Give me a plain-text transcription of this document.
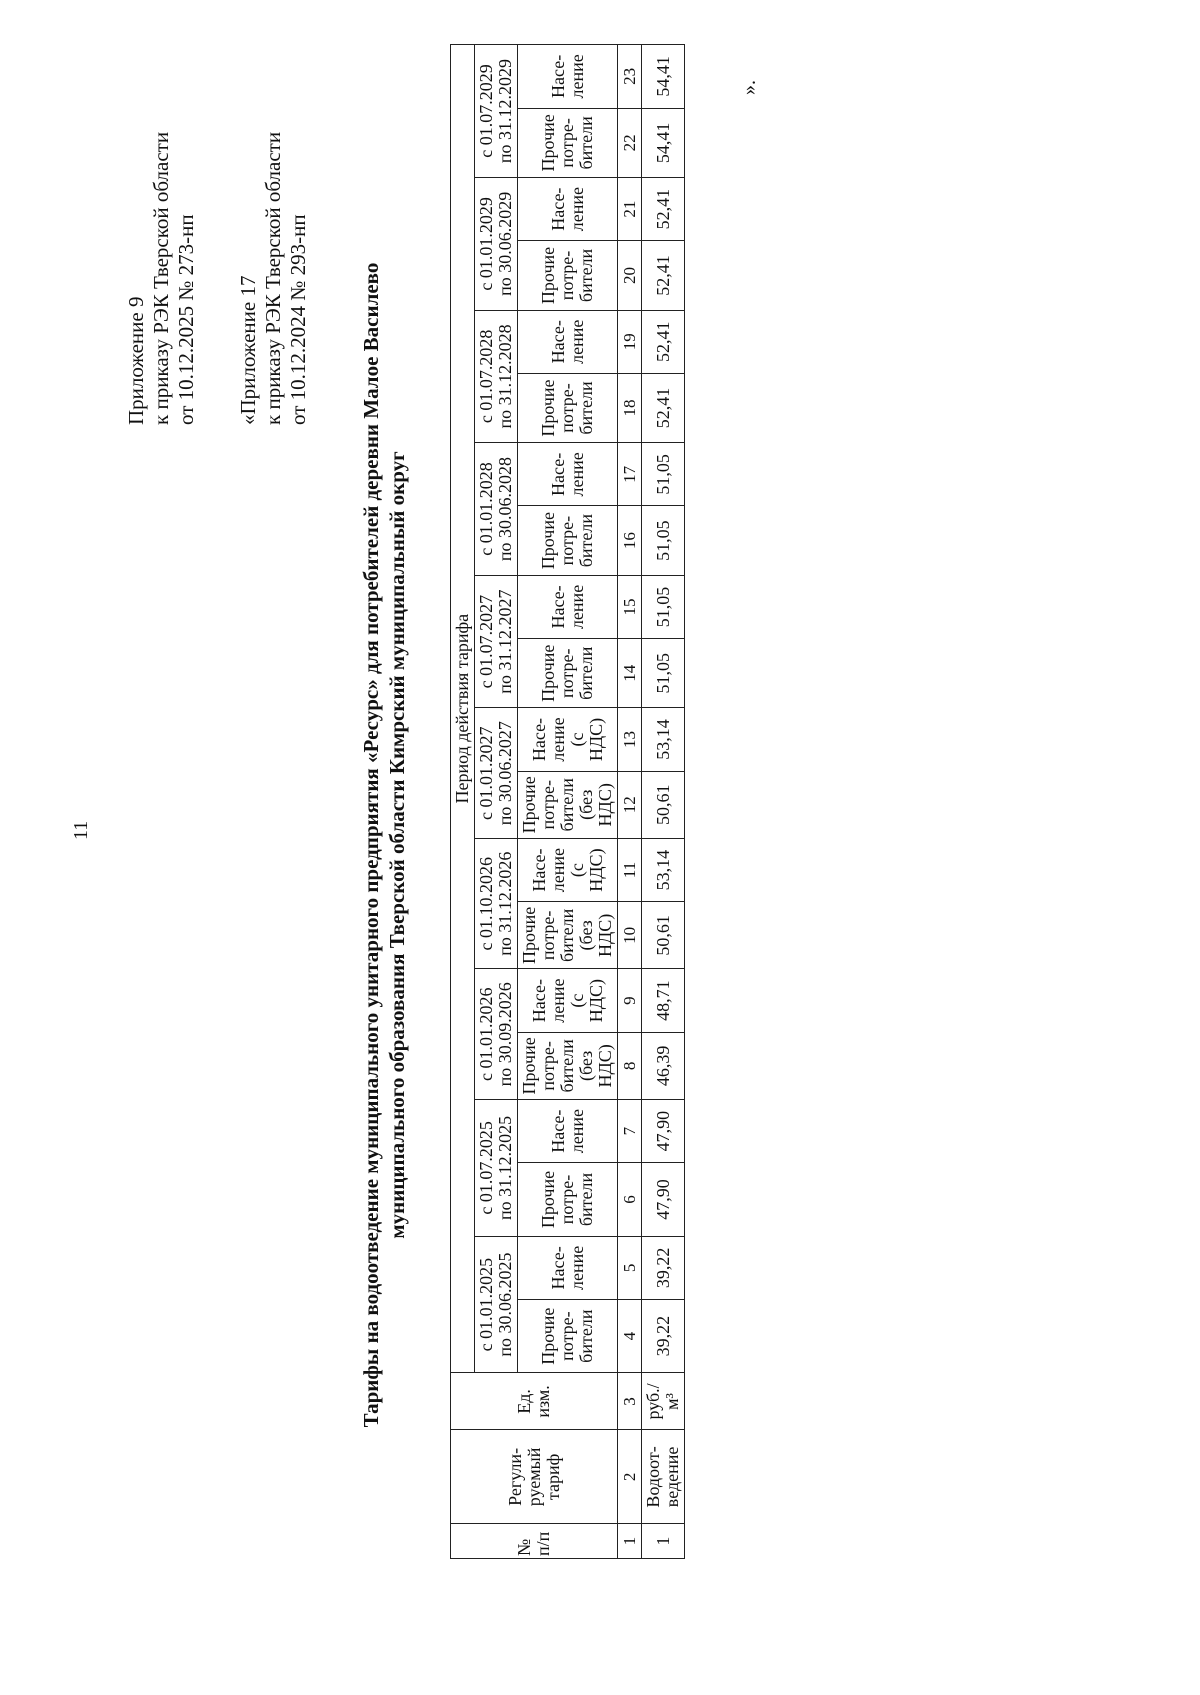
11
Приложение 9 к приказу РЭК Тверской области от 10.12.2025 № 273-нп «Приложение 17 к приказу РЭК Тверской области от 10.12.2024 № 293-нп Тарифы на водоотведение муниципального унитарного предприятия «Ресурс» для потребителей деревни Малое Василево муниципального образования Тверской области Кимрский муниципальный округ
№ п/п	Регули- руемый тариф	Ед. изм.	Период действия тарифа																			

			с 01.01.2025 по 30.06.2025		с 01.07.2025 по 31.12.2025		с 01.01.2026 по 30.09.2026		с 01.10.2026 по 31.12.2026		с 01.01.2027 по 30.06.2027		с 01.07.2027 по 31.12.2027		с 01.01.2028 по 30.06.2028		с 01.07.2028 по 31.12.2028		с 01.01.2029 по 30.06.2029		с 01.07.2029 по 31.12.2029	

			Прочие потре- бители	Насе- ление	Прочие потре- бители	Насе- ление	Прочие потре- бители (без НДС)	Насе- ление (с НДС)	Прочие потре- бители (без НДС)	Насе- ление (с НДС)	Прочие потре- бители (без НДС)	Насе- ление (с НДС)	Прочие потре- бители	Насе- ление	Прочие потре- бители	Насе- ление	Прочие потре- бители	Насе- ление	Прочие потре- бители	Насе- ление	Прочие потре- бители	Насе- ление

1	2	3	4	5	6	7	8	9	10	11	12	13	14	15	16	17	18	19	20	21	22	23
1	Водоот- ведение	руб./ м³	39,22	39,22	47,90	47,90	46,39	48,71	50,61	53,14	50,61	53,14	51,05	51,05	51,05	51,05	52,41	52,41	52,41	52,41	54,41	54,41	».
